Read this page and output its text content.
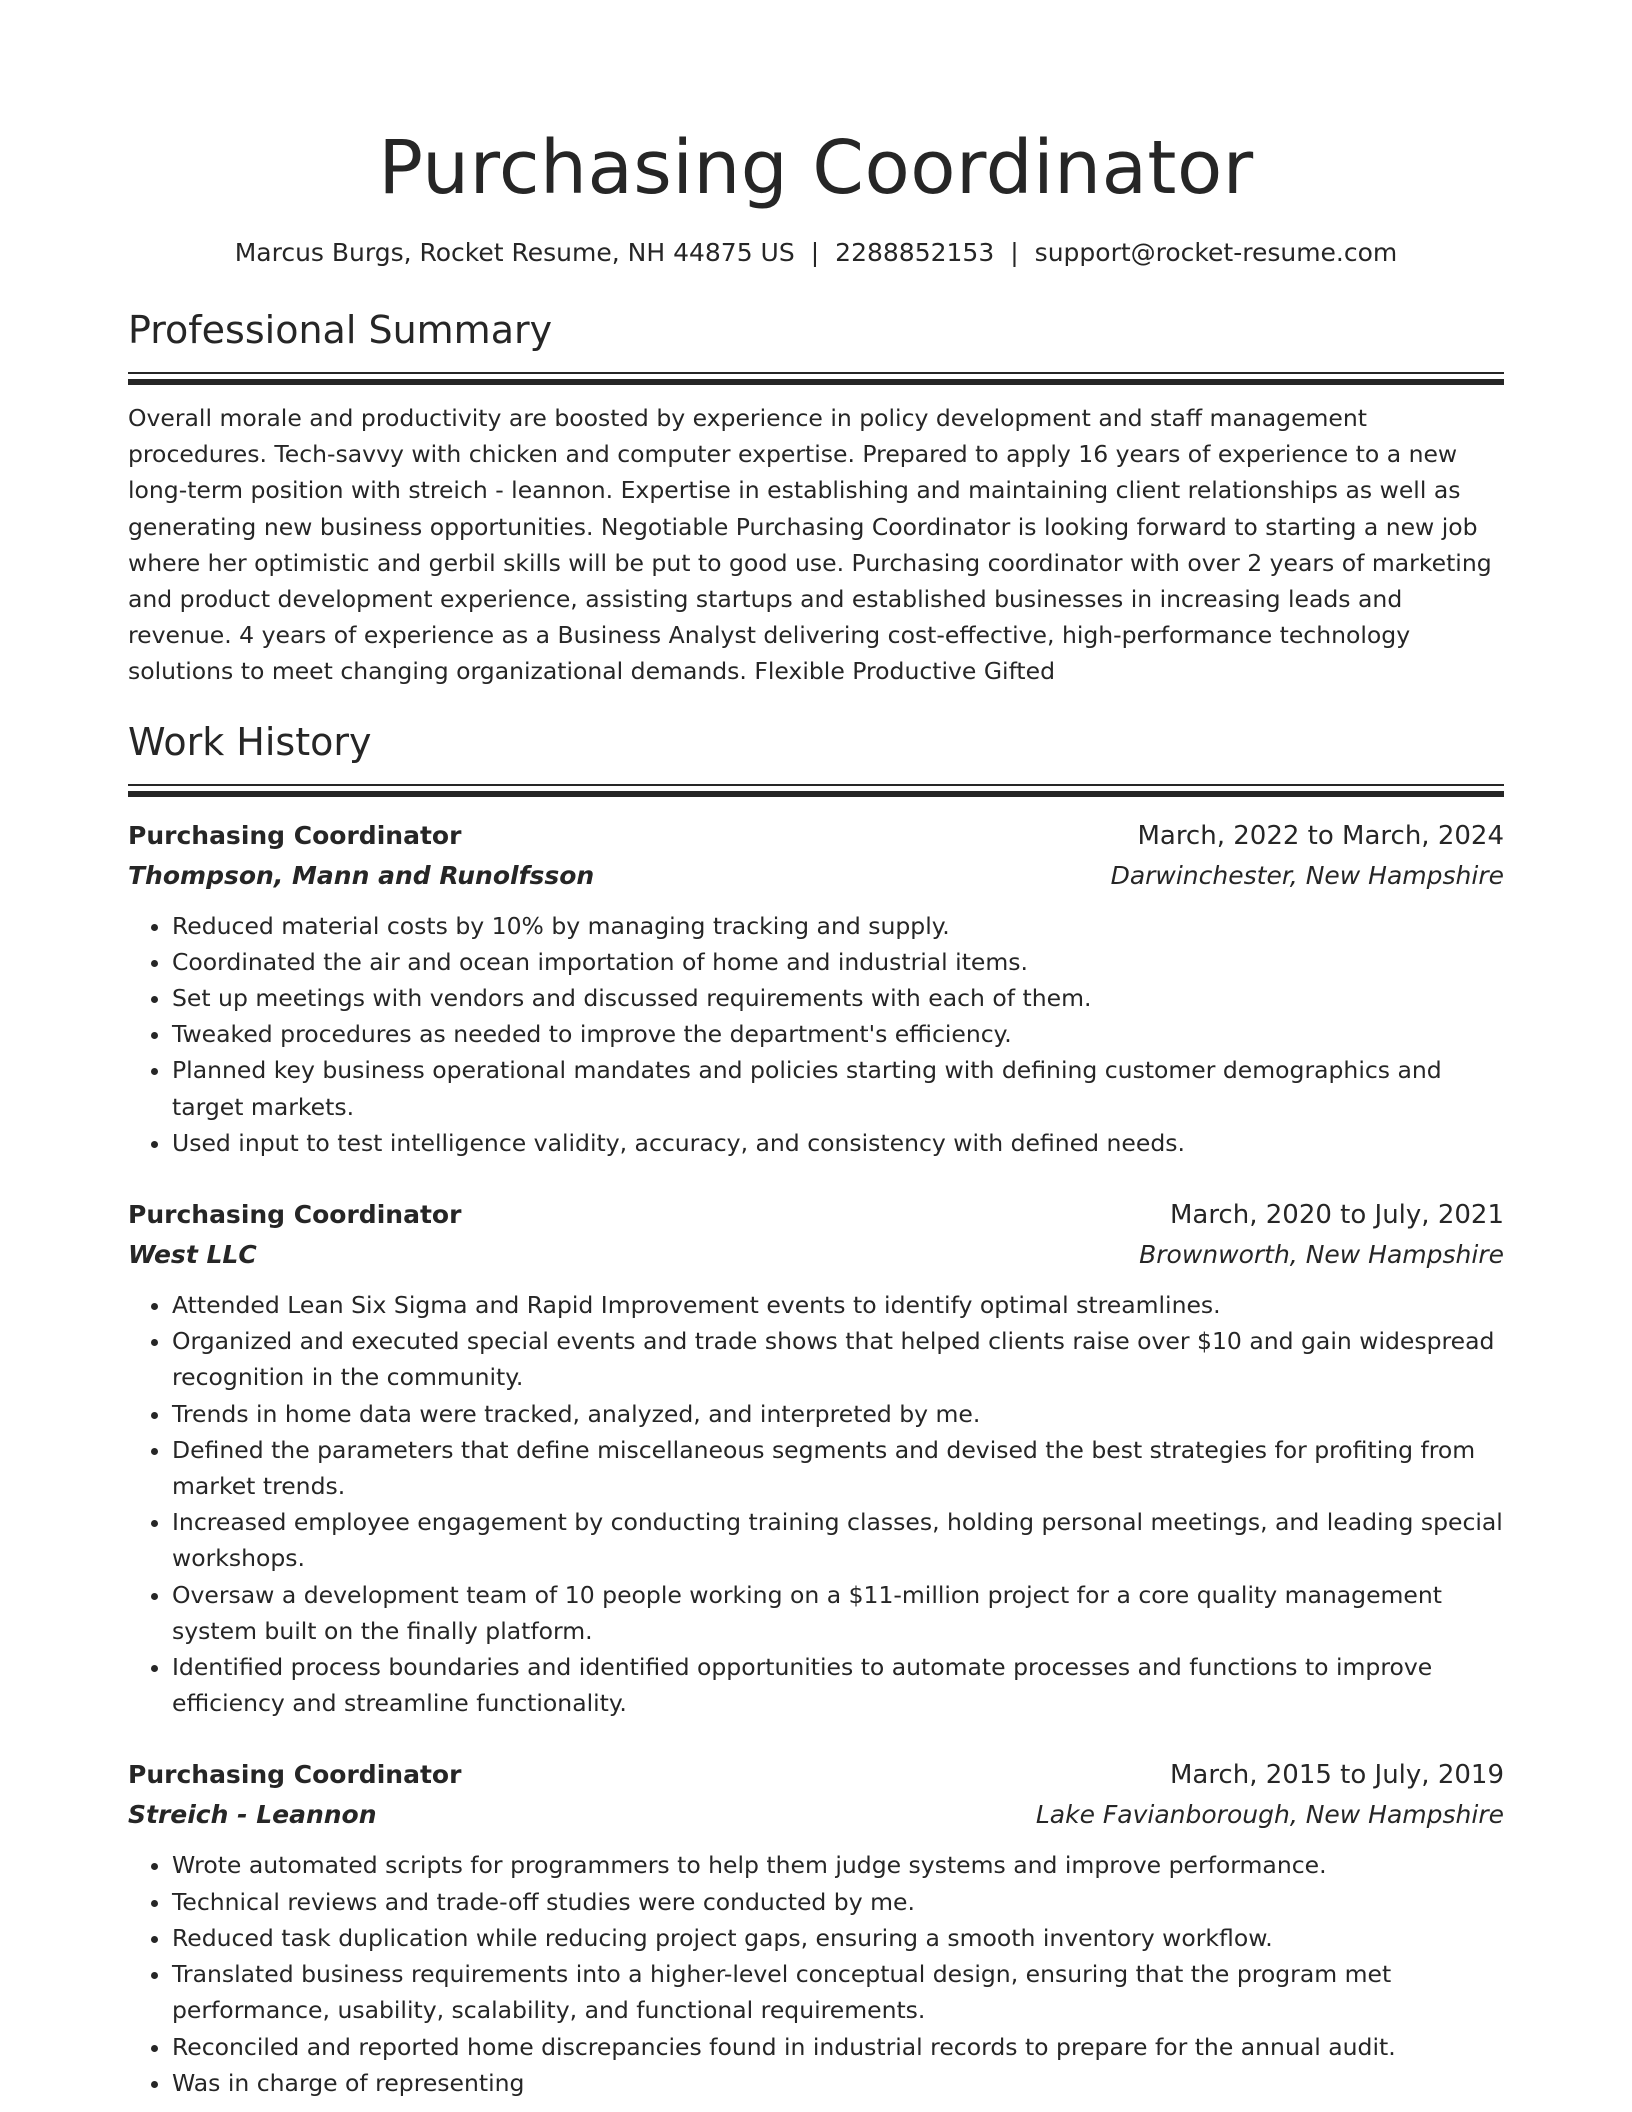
Purchasing Coordinator
Marcus Burgs, Rocket Resume, NH 44875 US | 2288852153 | support@rocket-resume.com
Professional Summary
Overall morale and productivity are boosted by experience in policy development and staff management procedures. Tech-savvy with chicken and computer expertise. Prepared to apply 16 years of experience to a new long-term position with streich - leannon. Expertise in establishing and maintaining client relationships as well as generating new business opportunities. Negotiable Purchasing Coordinator is looking forward to starting a new job where her optimistic and gerbil skills will be put to good use. Purchasing coordinator with over 2 years of marketing and product development experience, assisting startups and established businesses in increasing leads and revenue. 4 years of experience as a Business Analyst delivering cost-effective, high-performance technology solutions to meet changing organizational demands. Flexible Productive Gifted
Work History
Purchasing Coordinator	March, 2022 to March, 2024
Thompson, Mann and Runolfsson	Darwinchester, New Hampshire
• Reduced material costs by 10% by managing tracking and supply.
• Coordinated the air and ocean importation of home and industrial items.
• Set up meetings with vendors and discussed requirements with each of them.
• Tweaked procedures as needed to improve the department's efficiency.
• Planned key business operational mandates and policies starting with defining customer demographics and target markets.
• Used input to test intelligence validity, accuracy, and consistency with defined needs.
Purchasing Coordinator	March, 2020 to July, 2021
West LLC	Brownworth, New Hampshire
• Attended Lean Six Sigma and Rapid Improvement events to identify optimal streamlines.
• Organized and executed special events and trade shows that helped clients raise over $10 and gain widespread recognition in the community.
• Trends in home data were tracked, analyzed, and interpreted by me.
• Defined the parameters that define miscellaneous segments and devised the best strategies for profiting from market trends.
• Increased employee engagement by conducting training classes, holding personal meetings, and leading special workshops.
• Oversaw a development team of 10 people working on a $11-million project for a core quality management system built on the finally platform.
• Identified process boundaries and identified opportunities to automate processes and functions to improve efficiency and streamline functionality.
Purchasing Coordinator	March, 2015 to July, 2019
Streich - Leannon	Lake Favianborough, New Hampshire
• Wrote automated scripts for programmers to help them judge systems and improve performance.
• Technical reviews and trade-off studies were conducted by me.
• Reduced task duplication while reducing project gaps, ensuring a smooth inventory workflow.
• Translated business requirements into a higher-level conceptual design, ensuring that the program met performance, usability, scalability, and functional requirements.
• Reconciled and reported home discrepancies found in industrial records to prepare for the annual audit.
• Was in charge of representing
